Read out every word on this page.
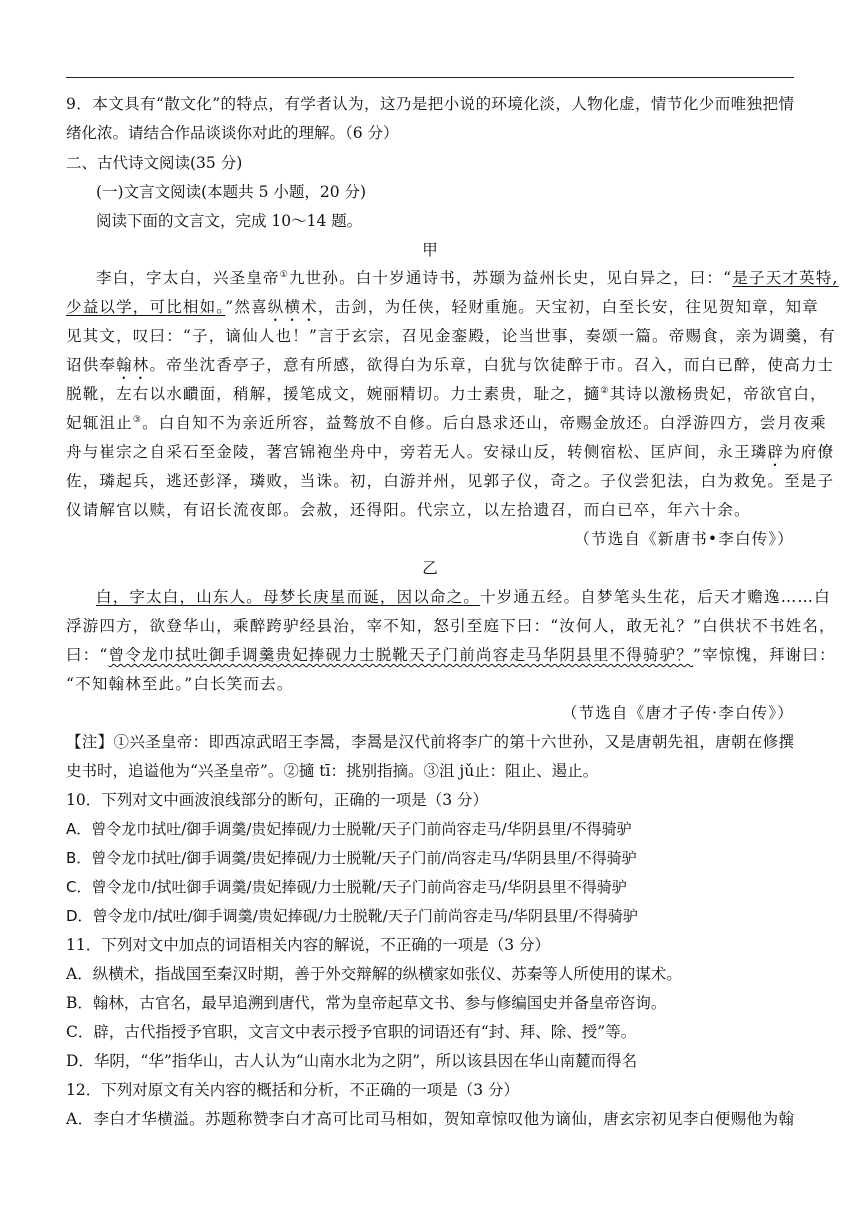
9．本文具有“散文化”的特点，有学者认为，这乃是把小说的环境化淡，人物化虚，情节化少而唯独把情
绪化浓。请结合作品谈谈你对此的理解。（6 分）
二、古代诗文阅读(35 分)
(一)文言文阅读(本题共 5 小题，20 分)
阅读下面的文言文，完成 10～14 题。
甲
李白，字太白，兴圣皇帝①九世孙。白十岁通诗书，苏颋为益州长史，见白异之，曰：“是子天才英特,
少益以学，可比相如。”然喜纵横术，击剑，为任侠，轻财重施。天宝初，白至长安，往见贺知章，知章
见其文，叹曰：“子，谪仙人也！”言于玄宗，召见金銮殿，论当世事，奏颂一篇。帝赐食，亲为调羹，有
诏供奉翰林。帝坐沈香亭子，意有所感，欲得白为乐章，白犹与饮徒醉于市。召入，而白已醉，使高力士
脱靴，左右以水靧面，稍解，援笔成文，婉丽精切。力士素贵，耻之，擿②其诗以激杨贵妃，帝欲官白，
妃辄沮止③。白自知不为亲近所容，益骜放不自修。后白恳求还山，帝赐金放还。白浮游四方，尝月夜乘
舟与崔宗之自采石至金陵，著宫锦袍坐舟中，旁若无人。安禄山反，转侧宿松、匡庐间，永王璘辟为府僚
佐，璘起兵，逃还彭泽，璘败，当诛。初，白游并州，见郭子仪，奇之。子仪尝犯法，白为救免。至是子
仪请解官以赎，有诏长流夜郎。会赦，还得阳。代宗立，以左拾遗召，而白已卒，年六十余。
（节选自《新唐书•李白传》）
乙
白，字太白，山东人。母梦长庚星而诞，因以命之。十岁通五经。自梦笔头生花，后天才赡逸……白
浮游四方，欲登华山，乘醉跨驴经县治，宰不知，怒引至庭下曰：“汝何人，敢无礼？”白供状不书姓名，
曰：“曾令龙巾拭吐御手调羹贵妃捧砚力士脱靴天子门前尚容走马华阴县里不得骑驴？”宰惊愧，拜谢曰：
“不知翰林至此。”白长笑而去。
（节选自《唐才子传·李白传》）
【注】①兴圣皇帝：即西凉武昭王李暠，李暠是汉代前将李广的第十六世孙，又是唐朝先祖，唐朝在修撰
史书时，追谥他为“兴圣皇帝”。②擿 tī：挑别指摘。③沮 jǔ止：阻止、遏止。
10．下列对文中画波浪线部分的断句，正确的一项是（3 分）
A．曾令龙巾拭吐/御手调羹/贵妃捧砚/力士脱靴/天子门前尚容走马/华阴县里/不得骑驴
B．曾令龙巾拭吐/御手调羹/贵妃捧砚/力士脱靴/天子门前/尚容走马/华阴县里/不得骑驴
C．曾令龙巾/拭吐御手调羹/贵妃捧砚/力士脱靴/天子门前尚容走马/华阴县里不得骑驴
D．曾令龙巾/拭吐/御手调羹/贵妃捧砚/力士脱靴/天子门前尚容走马/华阴县里/不得骑驴
11．下列对文中加点的词语相关内容的解说，不正确的一项是（3 分）
A．纵横术，指战国至秦汉时期，善于外交辩解的纵横家如张仪、苏秦等人所使用的谋术。
B．翰林，古官名，最早追溯到唐代，常为皇帝起草文书、参与修编国史并备皇帝咨询。
C．辟，古代指授予官职，文言文中表示授予官职的词语还有“封、拜、除、授”等。
D．华阴，“华”指华山，古人认为“山南水北为之阴”，所以该县因在华山南麓而得名
12．下列对原文有关内容的概括和分析，不正确的一项是（3 分）
A．李白才华横溢。苏题称赞李白才高可比司马相如，贺知章惊叹他为谪仙，唐玄宗初见李白便赐他为翰
